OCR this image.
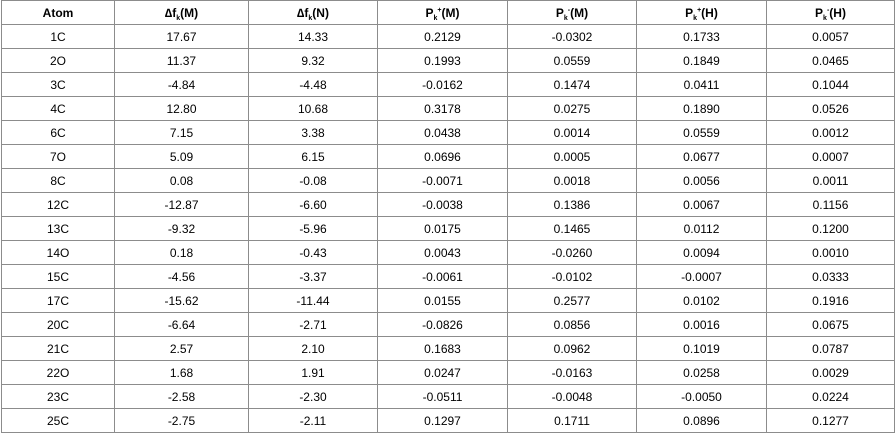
Atom	$\Delta f_k(M)$	$\Delta f_k(N)$	$P_k^+(M)$	$P_k^-(M)$	$P_k^+(H)$	$P_k^-(H)$
1C	17.67	14.33	0.2129	-0.0302	0.1733	0.0057
2O	11.37	9.32	0.1993	0.0559	0.1849	0.0465
3C	-4.84	-4.48	-0.0162	0.1474	0.0411	0.1044
4C	12.80	10.68	0.3178	0.0275	0.1890	0.0526
6C	7.15	3.38	0.0438	0.0014	0.0559	0.0012
7O	5.09	6.15	0.0696	0.0005	0.0677	0.0007
8C	0.08	-0.08	-0.0071	0.0018	0.0056	0.0011
12C	-12.87	-6.60	-0.0038	0.1386	0.0067	0.1156
13C	-9.32	-5.96	0.0175	0.1465	0.0112	0.1200
14O	0.18	-0.43	0.0043	-0.0260	0.0094	0.0010
15C	-4.56	-3.37	-0.0061	-0.0102	-0.0007	0.0333
17C	-15.62	-11.44	0.0155	0.2577	0.0102	0.1916
20C	-6.64	-2.71	-0.0826	0.0856	0.0016	0.0675
21C	2.57	2.10	0.1683	0.0962	0.1019	0.0787
22O	1.68	1.91	0.0247	-0.0163	0.0258	0.0029
23C	-2.58	-2.30	-0.0511	-0.0048	-0.0050	0.0224
25C	-2.75	-2.11	0.1297	0.1711	0.0896	0.1277
